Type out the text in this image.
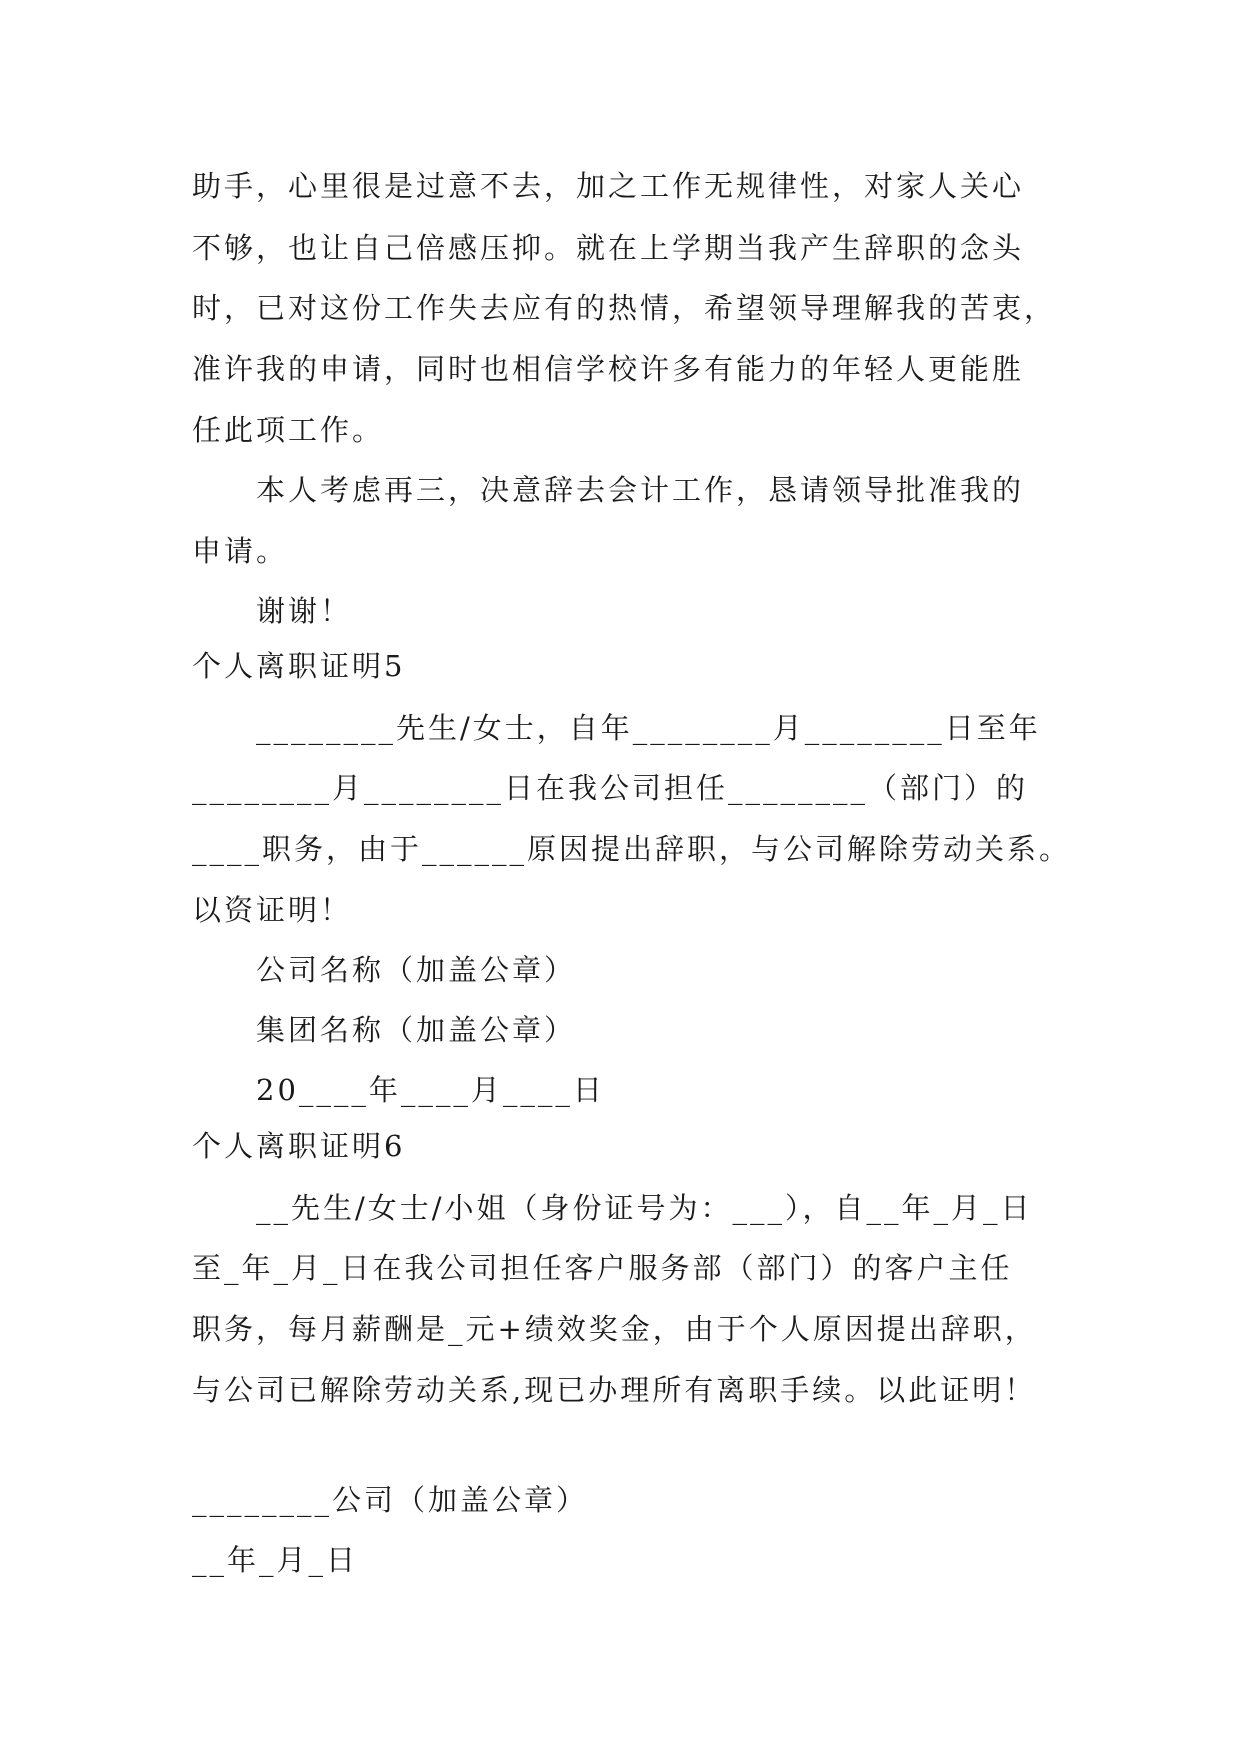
助手，心里很是过意不去，加之工作无规律性，对家人关心
不够，也让自己倍感压抑。就在上学期当我产生辞职的念头
时，已对这份工作失去应有的热情，希望领导理解我的苦衷，
准许我的申请，同时也相信学校许多有能力的年轻人更能胜
任此项工作。
本人考虑再三，决意辞去会计工作，恳请领导批准我的
申请。
谢谢！
个人离职证明5
________先生/女士，自年________月________日至年
________月________日在我公司担任________（部门）的
____职务，由于______原因提出辞职，与公司解除劳动关系。
以资证明！
公司名称（加盖公章）
集团名称（加盖公章）
20____年____月____日
个人离职证明6
__先生/女士/小姐（身份证号为：___），自__年_月_日
至_年_月_日在我公司担任客户服务部（部门）的客户主任
职务，每月薪酬是_元+绩效奖金，由于个人原因提出辞职，
与公司已解除劳动关系,现已办理所有离职手续。以此证明！
________公司（加盖公章）
__年_月_日
